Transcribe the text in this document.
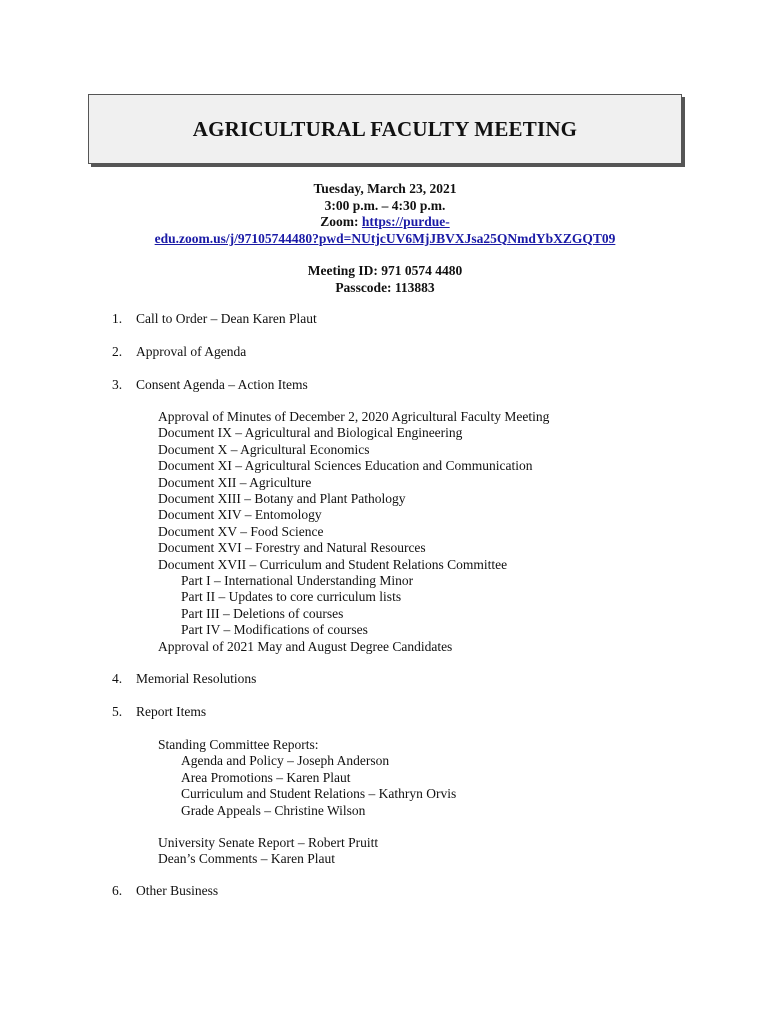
AGRICULTURAL FACULTY MEETING
Tuesday, March 23, 2021
3:00 p.m. – 4:30 p.m.
Zoom: https://purdue-
edu.zoom.us/j/97105744480?pwd=NUtjcUV6MjJBVXJsa25QNmdYbXZGQT09
Meeting ID: 971 0574 4480
Passcode: 113883
1. Call to Order – Dean Karen Plaut
2. Approval of Agenda
3. Consent Agenda – Action Items
Approval of Minutes of December 2, 2020 Agricultural Faculty Meeting
Document IX – Agricultural and Biological Engineering
Document X – Agricultural Economics
Document XI – Agricultural Sciences Education and Communication
Document XII – Agriculture
Document XIII – Botany and Plant Pathology
Document XIV – Entomology
Document XV – Food Science
Document XVI – Forestry and Natural Resources
Document XVII – Curriculum and Student Relations Committee
Part I – International Understanding Minor
Part II – Updates to core curriculum lists
Part III – Deletions of courses
Part IV – Modifications of courses
Approval of 2021 May and August Degree Candidates
4. Memorial Resolutions
5. Report Items
Standing Committee Reports:
Agenda and Policy – Joseph Anderson
Area Promotions – Karen Plaut
Curriculum and Student Relations – Kathryn Orvis
Grade Appeals – Christine Wilson
University Senate Report – Robert Pruitt
Dean’s Comments – Karen Plaut
6. Other Business
